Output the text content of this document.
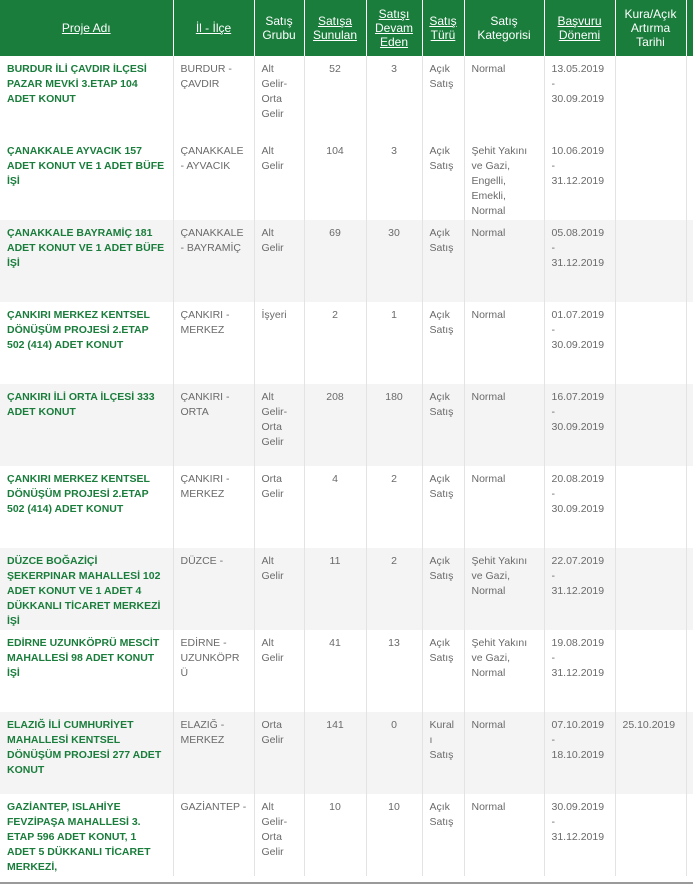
Proje Adı	İl - İlçe	Satış Grubu	Satışa Sunulan	Satışı Devam Eden	Satış Türü	Satış Kategorisi	Başvuru Dönemi	Kura/Açık Artırma Tarihi	
BURDUR İLİ ÇAVDIR İLÇESİ PAZAR MEVKİ 3.ETAP 104 ADET KONUT	BURDUR - ÇAVDIR	Alt Gelir-Orta Gelir	52	3	Açık Satış	Normal	13.05.2019 - 30.09.2019		
ÇANAKKALE AYVACIK 157 ADET KONUT VE 1 ADET BÜFE İŞİ	ÇANAKKALE - AYVACIK	Alt Gelir	104	3	Açık Satış	Şehit Yakını ve Gazi, Engelli, Emekli, Normal	10.06.2019 - 31.12.2019		
ÇANAKKALE BAYRAMİÇ 181 ADET KONUT VE 1 ADET BÜFE İŞİ	ÇANAKKALE - BAYRAMİÇ	Alt Gelir	69	30	Açık Satış	Normal	05.08.2019 - 31.12.2019		
ÇANKIRI MERKEZ KENTSEL DÖNÜŞÜM PROJESİ 2.ETAP 502 (414) ADET KONUT	ÇANKIRI - MERKEZ	İşyeri	2	1	Açık Satış	Normal	01.07.2019 - 30.09.2019		
ÇANKIRI İLİ ORTA İLÇESİ 333 ADET KONUT	ÇANKIRI - ORTA	Alt Gelir-Orta Gelir	208	180	Açık Satış	Normal	16.07.2019 - 30.09.2019		
ÇANKIRI MERKEZ KENTSEL DÖNÜŞÜM PROJESİ 2.ETAP 502 (414) ADET KONUT	ÇANKIRI - MERKEZ	Orta Gelir	4	2	Açık Satış	Normal	20.08.2019 - 30.09.2019		
DÜZCE BOĞAZİÇİ ŞEKERPINAR MAHALLESİ 102 ADET KONUT VE 1 ADET 4 DÜKKANLI TİCARET MERKEZİ İŞİ	DÜZCE -	Alt Gelir	11	2	Açık Satış	Şehit Yakını ve Gazi, Normal	22.07.2019 - 31.12.2019		
EDİRNE UZUNKÖPRÜ MESCİT MAHALLESİ 98 ADET KONUT İŞİ	EDİRNE - UZUNKÖPRÜ	Alt Gelir	41	13	Açık Satış	Şehit Yakını ve Gazi, Normal	19.08.2019 - 31.12.2019		
ELAZIĞ İLİ CUMHURİYET MAHALLESİ KENTSEL DÖNÜŞÜM PROJESİ 277 ADET KONUT	ELAZIĞ - MERKEZ	Orta Gelir	141	0	Kuralı Satış	Normal	07.10.2019 - 18.10.2019	25.10.2019	
GAZİANTEP, ISLAHİYE FEVZİPAŞA MAHALLESİ 3. ETAP 596 ADET KONUT, 1 ADET 5 DÜKKANLI TİCARET MERKEZİ,	GAZİANTEP -	Alt Gelir-Orta Gelir	10	10	Açık Satış	Normal	30.09.2019 - 31.12.2019		
